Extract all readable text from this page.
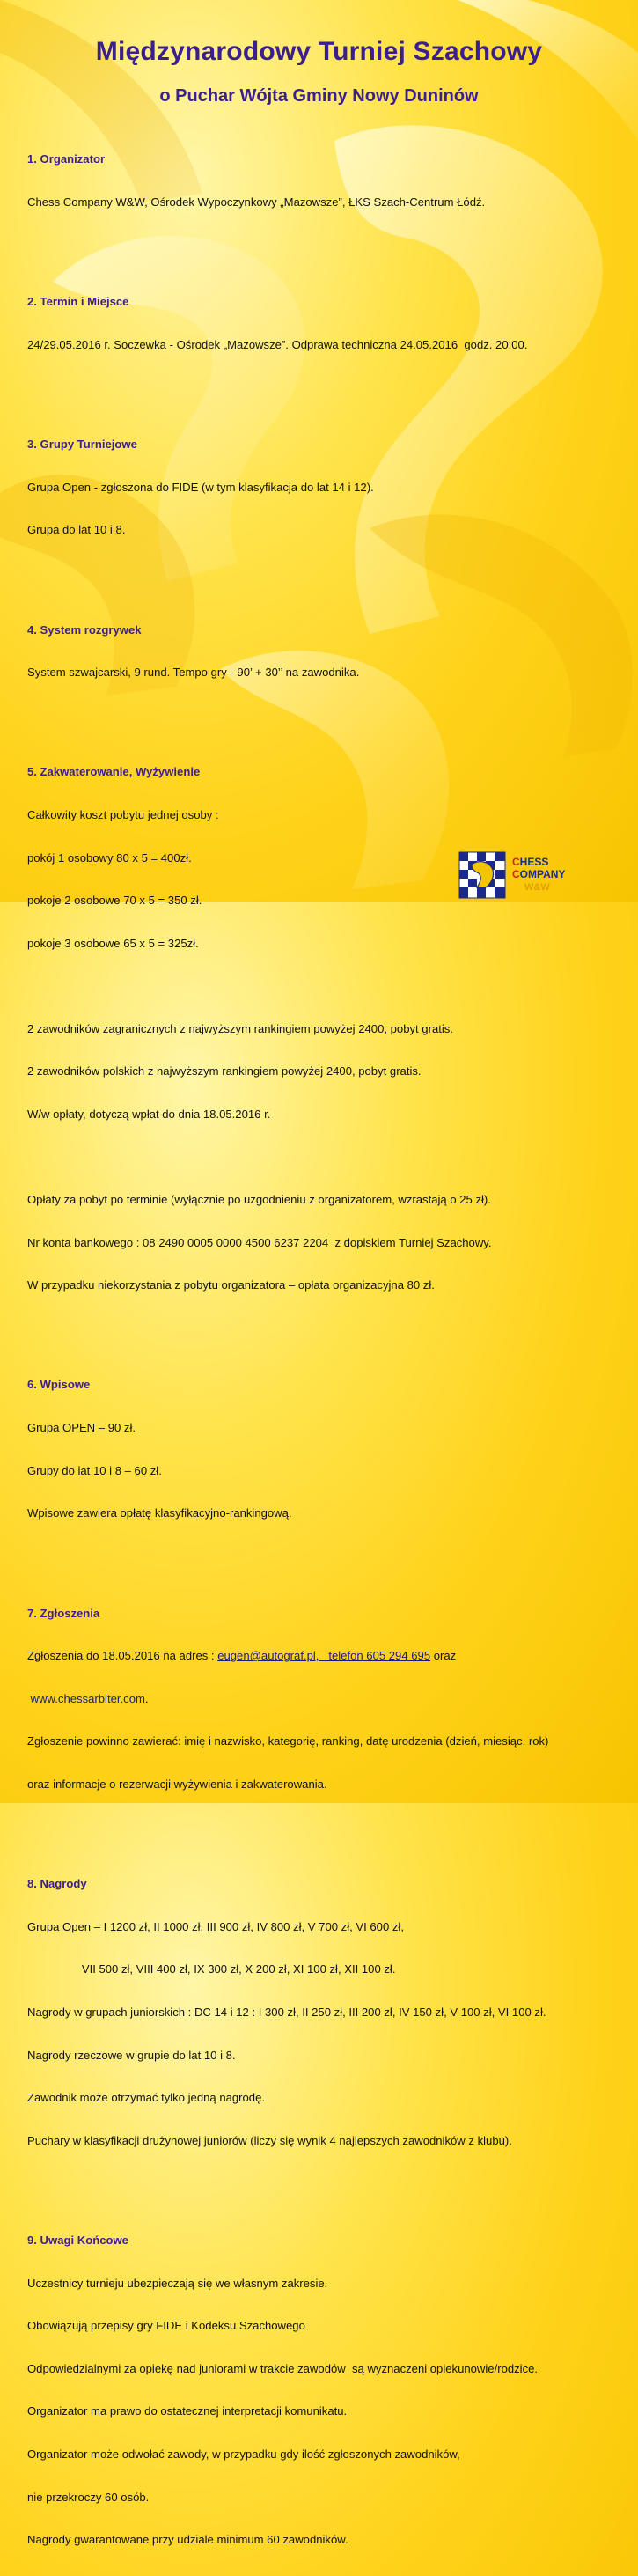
Międzynarodowy Turniej Szachowy
o Puchar Wójta Gminy Nowy Duninów

1. Organizator

Chess Company W&W, Ośrodek Wypoczynkowy „Mazowsze”, ŁKS Szach-Centrum Łódź.

2. Termin i Miejsce

24/29.05.2016 r. Soczewka - Ośrodek „Mazowsze”. Odprawa techniczna 24.05.2016  godz. 20:00.

3. Grupy Turniejowe

Grupa Open - zgłoszona do FIDE (w tym klasyfikacja do lat 14 i 12).

Grupa do lat 10 i 8.

4. System rozgrywek

System szwajcarski, 9 rund. Tempo gry - 90’ + 30’’ na zawodnika.

5. Zakwaterowanie, Wyżywienie

Całkowity koszt pobytu jednej osoby :

pokój 1 osobowy 80 x 5 = 400zł.

pokoje 2 osobowe 70 x 5 = 350 zł.

pokoje 3 osobowe 65 x 5 = 325zł.

2 zawodników zagranicznych z najwyższym rankingiem powyżej 2400, pobyt gratis.

2 zawodników polskich z najwyższym rankingiem powyżej 2400, pobyt gratis.

W/w opłaty, dotyczą wpłat do dnia 18.05.2016 r.

Opłaty za pobyt po terminie (wyłącznie po uzgodnieniu z organizatorem, wzrastają o 25 zł).

Nr konta bankowego : 08 2490 0005 0000 4500 6237 2204  z dopiskiem Turniej Szachowy.

W przypadku niekorzystania z pobytu organizatora – opłata organizacyjna 80 zł.

6. Wpisowe

Grupa OPEN – 90 zł.

Grupy do lat 10 i 8 – 60 zł.

Wpisowe zawiera opłatę klasyfikacyjno-rankingową.

7. Zgłoszenia

Zgłoszenia do 18.05.2016 na adres : eugen@autograf.pl,   telefon 605 294 695 oraz

www.chessarbiter.com.

Zgłoszenie powinno zawierać: imię i nazwisko, kategorię, ranking, datę urodzenia (dzień, miesiąc, rok)

oraz informacje o rezerwacji wyżywienia i zakwaterowania.

8. Nagrody

Grupa Open – I 1200 zł, II 1000 zł, III 900 zł, IV 800 zł, V 700 zł, VI 600 zł,

VII 500 zł, VIII 400 zł, IX 300 zł, X 200 zł, XI 100 zł, XII 100 zł.

Nagrody w grupach juniorskich : DC 14 i 12 : I 300 zł, II 250 zł, III 200 zł, IV 150 zł, V 100 zł, VI 100 zł.

Nagrody rzeczowe w grupie do lat 10 i 8.

Zawodnik może otrzymać tylko jedną nagrodę.

Puchary w klasyfikacji drużynowej juniorów (liczy się wynik 4 najlepszych zawodników z klubu).

9. Uwagi Końcowe

Uczestnicy turnieju ubezpieczają się we własnym zakresie.

Obowiązują przepisy gry FIDE i Kodeksu Szachowego

Odpowiedzialnymi za opiekę nad juniorami w trakcie zawodów  są wyznaczeni opiekunowie/rodzice.

Organizator ma prawo do ostatecznej interpretacji komunikatu.

Organizator może odwołać zawody, w przypadku gdy ilość zgłoszonych zawodników,

nie przekroczy 60 osób.

Nagrody gwarantowane przy udziale minimum 60 zawodników.

CHESS
COMPANY
W&W
